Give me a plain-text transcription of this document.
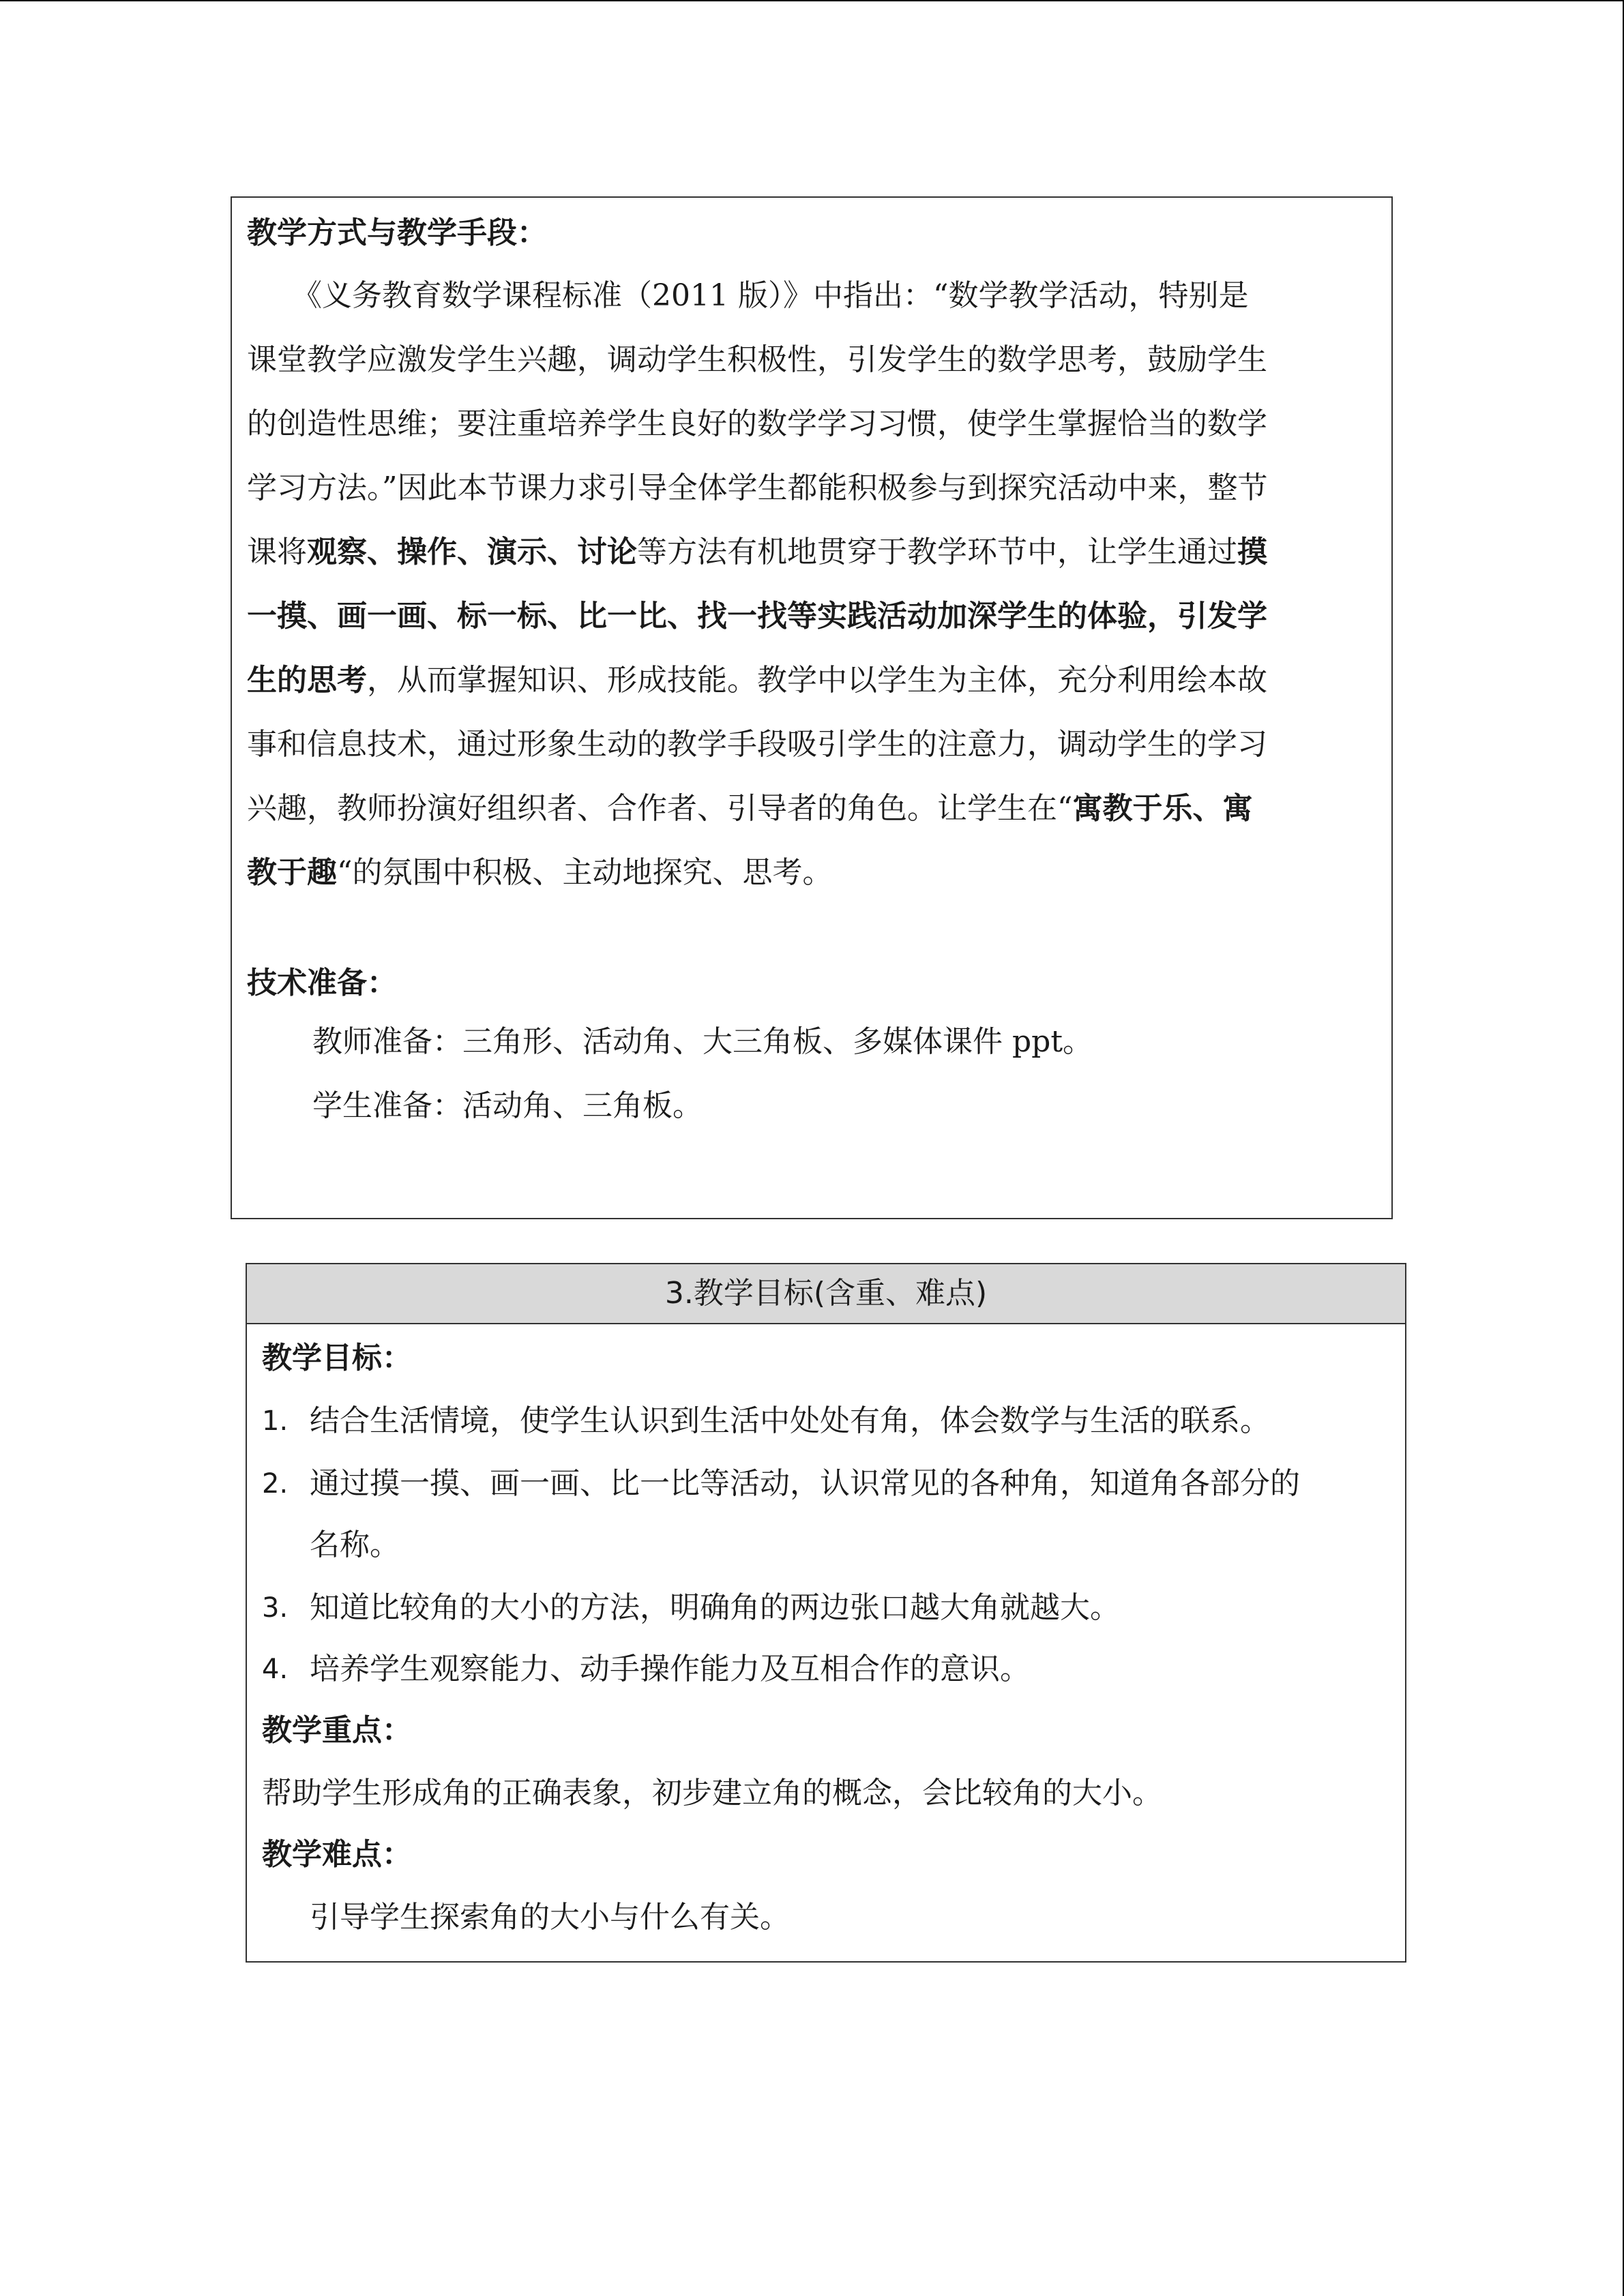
教学方式与教学手段：
　　《义务教育数学课程标准（2011 版）》中指出：“数学教学活动，特别是
课堂教学应激发学生兴趣，调动学生积极性，引发学生的数学思考，鼓励学生
的创造性思维；要注重培养学生良好的数学学习习惯，使学生掌握恰当的数学
学习方法。”因此本节课力求引导全体学生都能积极参与到探究活动中来，整节
课将观察、操作、演示、讨论等方法有机地贯穿于教学环节中，让学生通过摸
一摸、画一画、标一标、比一比、找一找等实践活动加深学生的体验，引发学
生的思考，从而掌握知识、形成技能。教学中以学生为主体，充分利用绘本故
事和信息技术，通过形象生动的教学手段吸引学生的注意力，调动学生的学习
兴趣，教师扮演好组织者、合作者、引导者的角色。让学生在“寓教于乐、寓
教于趣“的氛围中积极、主动地探究、思考。
技术准备：
教师准备：三角形、活动角、大三角板、多媒体课件 ppt。
学生准备：活动角、三角板。
3.教学目标(含重、难点)
教学目标：
1. 结合生活情境，使学生认识到生活中处处有角，体会数学与生活的联系。
2. 通过摸一摸、画一画、比一比等活动，认识常见的各种角，知道角各部分的
名称。
3. 知道比较角的大小的方法，明确角的两边张口越大角就越大。
4. 培养学生观察能力、动手操作能力及互相合作的意识。
教学重点：
帮助学生形成角的正确表象，初步建立角的概念，会比较角的大小。
教学难点：
引导学生探索角的大小与什么有关。
